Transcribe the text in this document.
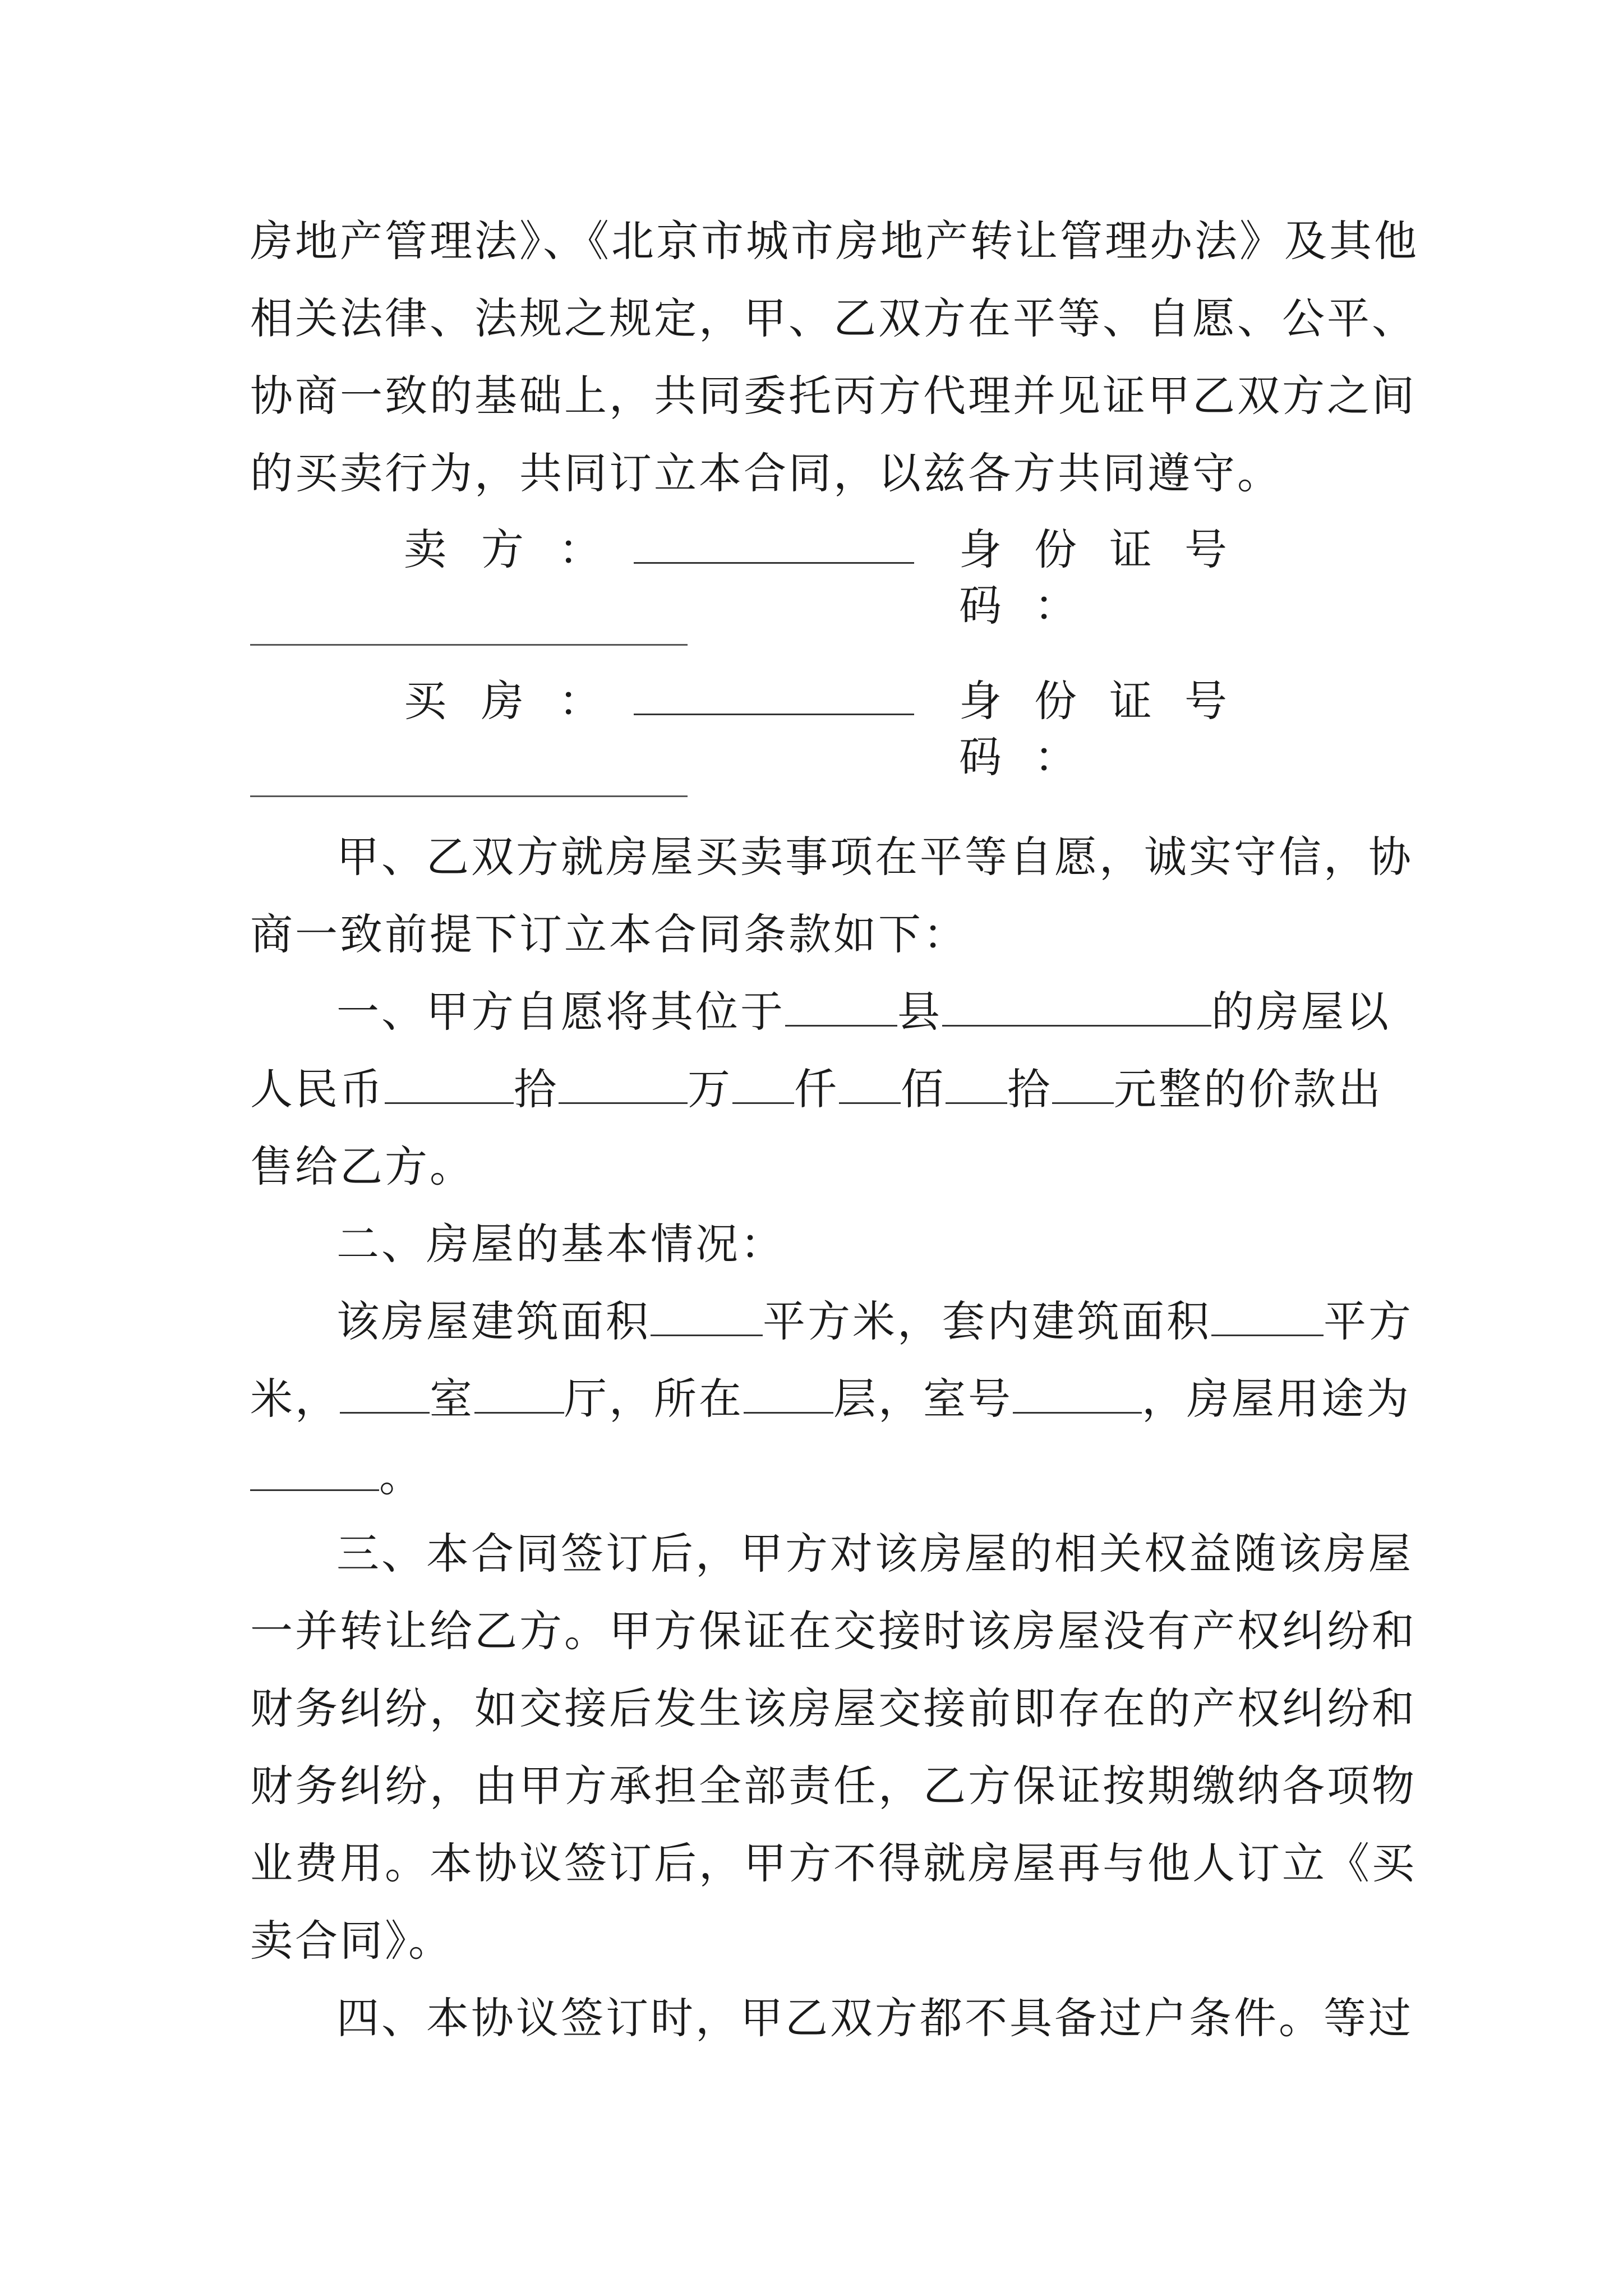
房地产管理法》、《北京市城市房地产转让管理办法》及其他
相关法律、法规之规定，甲、乙双方在平等、自愿、公平、
协商一致的基础上，共同委托丙方代理并见证甲乙双方之间
的买卖行为，共同订立本合同，以兹各方共同遵守。
卖方：	身份证号码：
买房：	身份证号码：
甲、乙双方就房屋买卖事项在平等自愿，诚实守信，协
商一致前提下订立本合同条款如下：
一、甲方自愿将其位于	县	的房屋以
人民币	拾	万 仟 佰 拾 元整的价款出
售给乙方。
二、房屋的基本情况：
该房屋建筑面积	平方米，套内建筑面积	平方
米， 室 厅，所在 层，室号	，房屋用途为
。
三、本合同签订后，甲方对该房屋的相关权益随该房屋
一并转让给乙方。甲方保证在交接时该房屋没有产权纠纷和
财务纠纷，如交接后发生该房屋交接前即存在的产权纠纷和
财务纠纷，由甲方承担全部责任，乙方保证按期缴纳各项物
业费用。本协议签订后，甲方不得就房屋再与他人订立《买
卖合同》。
四、本协议签订时，甲乙双方都不具备过户条件。等过
